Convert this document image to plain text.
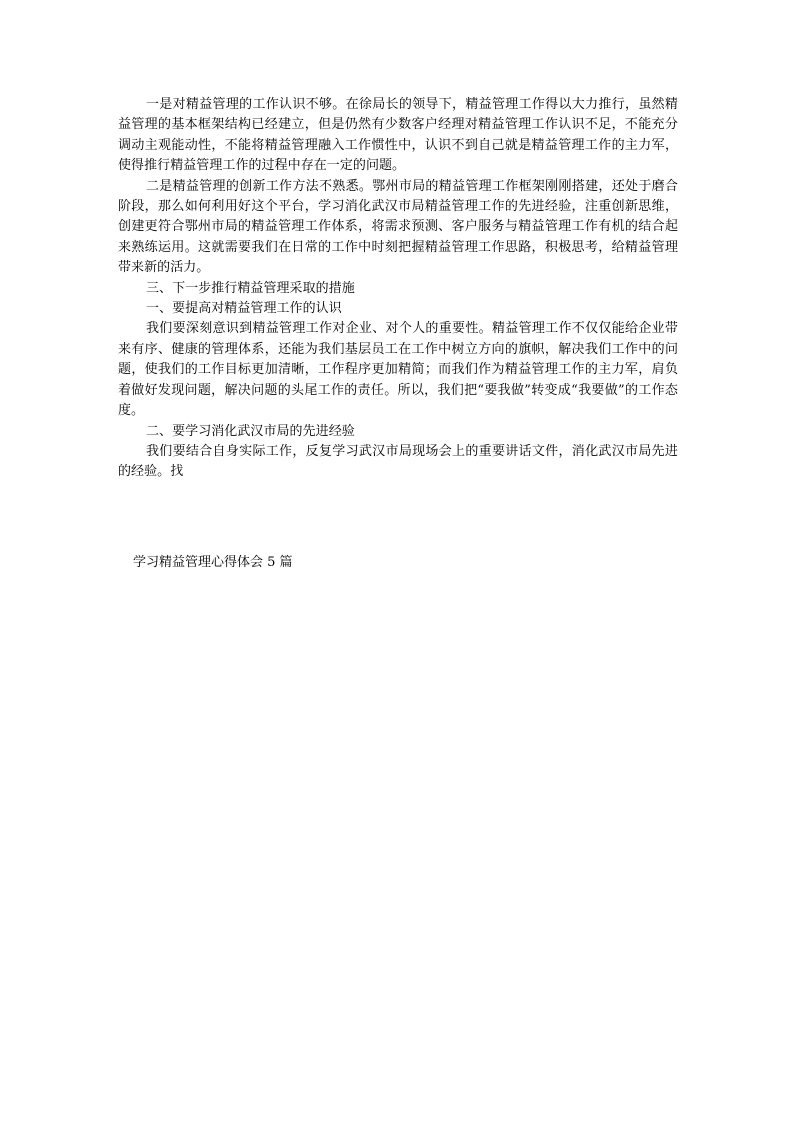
一是对精益管理的工作认识不够。在徐局长的领导下，精益管理工作得以大力推行，虽然精益管理的基本框架结构已经建立，但是仍然有少数客户经理对精益管理工作认识不足，不能充分调动主观能动性，不能将精益管理融入工作惯性中，认识不到自己就是精益管理工作的主力军，使得推行精益管理工作的过程中存在一定的问题。

二是精益管理的创新工作方法不熟悉。鄂州市局的精益管理工作框架刚刚搭建，还处于磨合阶段，那么如何利用好这个平台，学习消化武汉市局精益管理工作的先进经验，注重创新思维，创建更符合鄂州市局的精益管理工作体系，将需求预测、客户服务与精益管理工作有机的结合起来熟练运用。这就需要我们在日常的工作中时刻把握精益管理工作思路，积极思考，给精益管理带来新的活力。

三、下一步推行精益管理采取的措施

一、要提高对精益管理工作的认识

我们要深刻意识到精益管理工作对企业、对个人的重要性。精益管理工作不仅仅能给企业带来有序、健康的管理体系，还能为我们基层员工在工作中树立方向的旗帜，解决我们工作中的问题，使我们的工作目标更加清晰，工作程序更加精简；而我们作为精益管理工作的主力军，肩负着做好发现问题，解决问题的头尾工作的责任。所以，我们把“要我做”转变成“我要做”的工作态度。

二、要学习消化武汉市局的先进经验

我们要结合自身实际工作，反复学习武汉市局现场会上的重要讲话文件，消化武汉市局先进的经验。找

学习精益管理心得体会 5 篇
